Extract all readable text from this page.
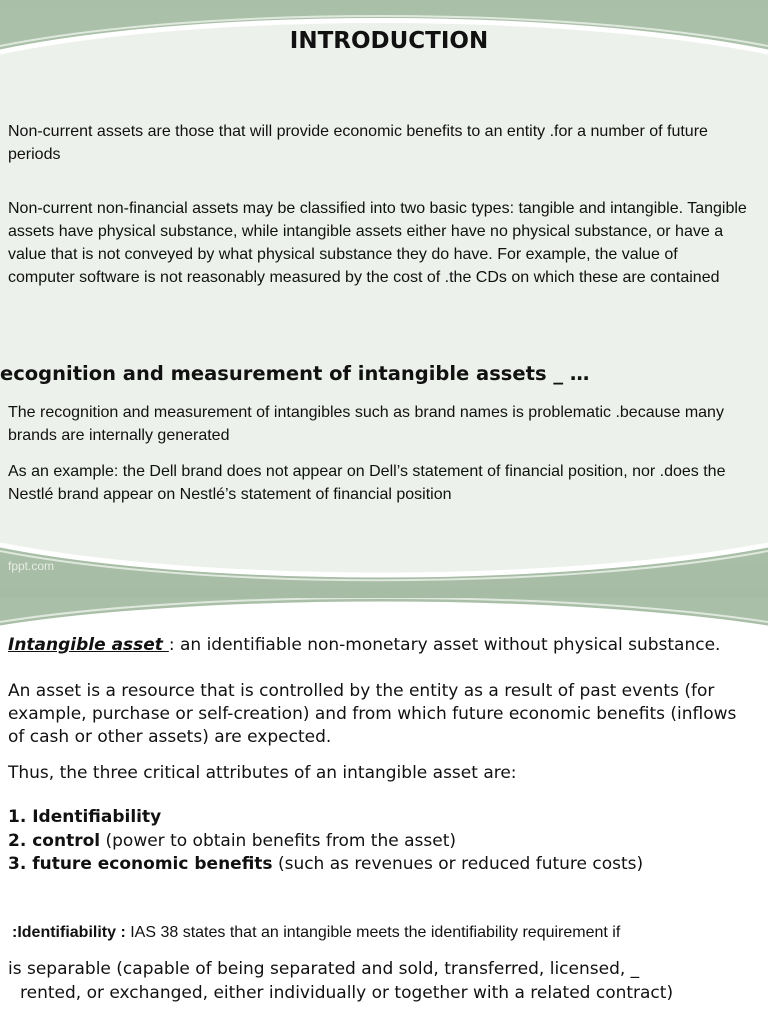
INTRODUCTION

Non-current assets are those that will provide economic benefits to an entity .for a number of future periods

Non-current non-financial assets may be classified into two basic types: tangible and intangible. Tangible assets have physical substance, while intangible assets either have no physical substance, or have a value that is not conveyed by what physical substance they do have. For example, the value of computer software is not reasonably measured by the cost of .the CDs on which these are contained

ecognition and measurement of intangible assets _ …

The recognition and measurement of intangibles such as brand names is problematic .because many brands are internally generated

As an example: the Dell brand does not appear on Dell’s statement of financial position, nor .does the Nestlé brand appear on Nestlé’s statement of financial position

fppt.com

Intangible asset : an identifiable non-monetary asset without physical substance.

An asset is a resource that is controlled by the entity as a result of past events (for example, purchase or self-creation) and from which future economic benefits (inflows of cash or other assets) are expected.

Thus, the three critical attributes of an intangible asset are:

1. Identifiability
2. control (power to obtain benefits from the asset)
3. future economic benefits (such as revenues or reduced future costs)

:Identifiability : IAS 38 states that an intangible meets the identifiability requirement if

is separable (capable of being separated and sold, transferred, licensed, _
rented, or exchanged, either individually or together with a related contract)
